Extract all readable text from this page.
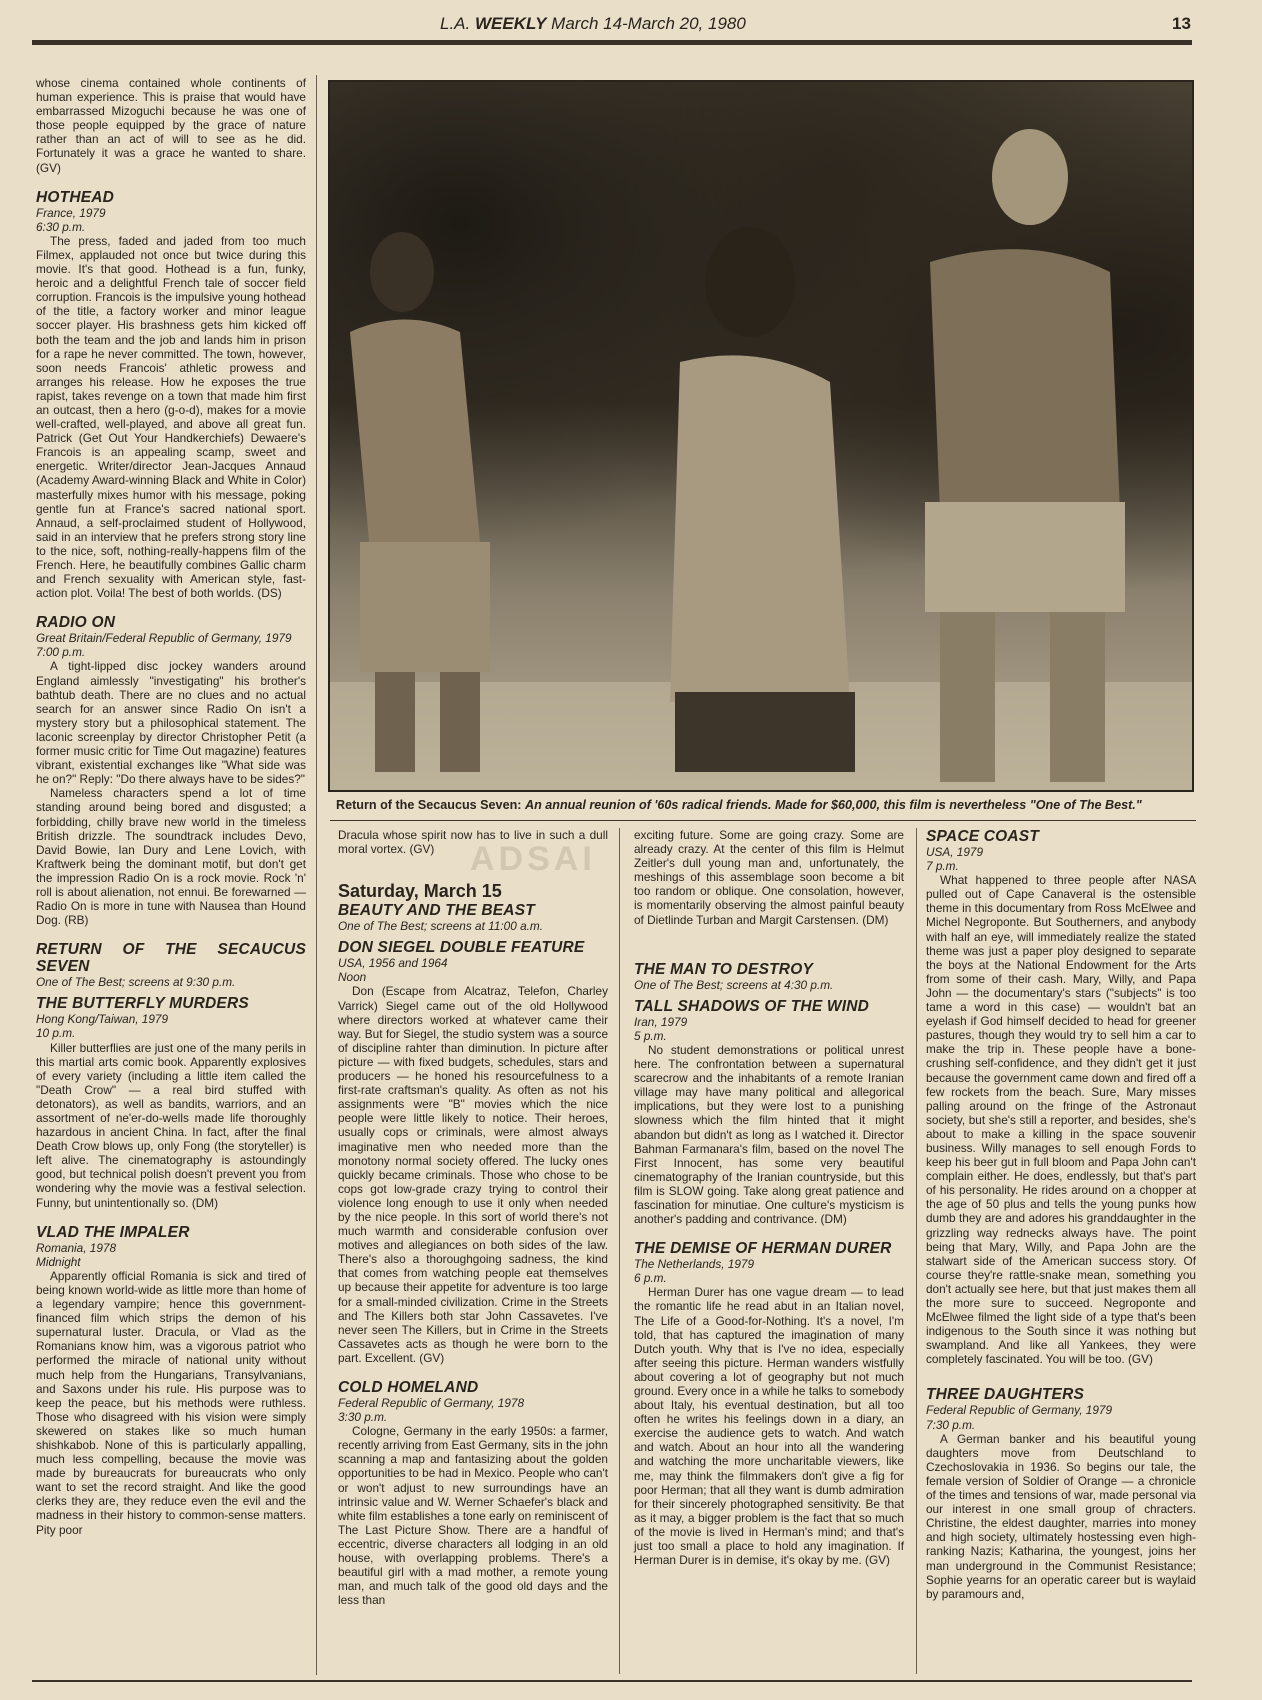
L.A. WEEKLY March 14-March 20, 1980	13

whose cinema contained whole continents of human experience. This is praise that would have embarrassed Mizoguchi because he was one of those people equipped by the grace of nature rather than an act of will to see as he did. Fortunately it was a grace he wanted to share. (GV)

HOTHEAD
France, 1979
6:30 p.m.

The press, faded and jaded from too much Filmex, applauded not once but twice during this movie. It's that good. Hothead is a fun, funky, heroic and a delightful French tale of soccer field corruption. Francois is the impulsive young hothead of the title, a factory worker and minor league soccer player. His brashness gets him kicked off both the team and the job and lands him in prison for a rape he never committed. The town, however, soon needs Francois' athletic prowess and arranges his release. How he exposes the true rapist, takes revenge on a town that made him first an outcast, then a hero (g-o-d), makes for a movie well-crafted, well-played, and above all great fun. Patrick (Get Out Your Handkerchiefs) Dewaere's Francois is an appealing scamp, sweet and energetic. Writer/director Jean-Jacques Annaud (Academy Award-winning Black and White in Color) masterfully mixes humor with his message, poking gentle fun at France's sacred national sport. Annaud, a self-proclaimed student of Hollywood, said in an interview that he prefers strong story line to the nice, soft, nothing-really-happens film of the French. Here, he beautifully combines Gallic charm and French sexuality with American style, fast-action plot. Voila! The best of both worlds. (DS)

RADIO ON
Great Britain/Federal Republic of Germany, 1979
7:00 p.m.

A tight-lipped disc jockey wanders around England aimlessly "investigating" his brother's bathtub death. There are no clues and no actual search for an answer since Radio On isn't a mystery story but a philosophical statement. The laconic screenplay by director Christopher Petit (a former music critic for Time Out magazine) features vibrant, existential exchanges like "What side was he on?" Reply: "Do there always have to be sides?"

Nameless characters spend a lot of time standing around being bored and disgusted; a forbidding, chilly brave new world in the timeless British drizzle. The soundtrack includes Devo, David Bowie, Ian Dury and Lene Lovich, with Kraftwerk being the dominant motif, but don't get the impression Radio On is a rock movie. Rock 'n' roll is about alienation, not ennui. Be forewarned — Radio On is more in tune with Nausea than Hound Dog. (RB)

RETURN OF THE SECAUCUS SEVEN
One of The Best; screens at 9:30 p.m.
THE BUTTERFLY MURDERS
Hong Kong/Taiwan, 1979
10 p.m.

Killer butterflies are just one of the many perils in this martial arts comic book. Apparently explosives of every variety (including a little item called the "Death Crow" — a real bird stuffed with detonators), as well as bandits, warriors, and an assortment of ne'er-do-wells made life thoroughly hazardous in ancient China. In fact, after the final Death Crow blows up, only Fong (the storyteller) is left alive. The cinematography is astoundingly good, but technical polish doesn't prevent you from wondering why the movie was a festival selection. Funny, but unintentionally so. (DM)

VLAD THE IMPALER
Romania, 1978
Midnight

Apparently official Romania is sick and tired of being known world-wide as little more than home of a legendary vampire; hence this government-financed film which strips the demon of his supernatural luster. Dracula, or Vlad as the Romanians know him, was a vigorous patriot who performed the miracle of national unity without much help from the Hungarians, Transylvanians, and Saxons under his rule. His purpose was to keep the peace, but his methods were ruthless. Those who disagreed with his vision were simply skewered on stakes like so much human shishkabob. None of this is particularly appalling, much less compelling, because the movie was made by bureaucrats for bureaucrats who only want to set the record straight. And like the good clerks they are, they reduce even the evil and the madness in their history to common-sense matters. Pity poor

Return of the Secaucus Seven: An annual reunion of '60s radical friends. Made for $60,000, this film is nevertheless "One of The Best."
ADSAI

Dracula whose spirit now has to live in such a dull moral vortex. (GV)

Saturday, March 15
BEAUTY AND THE BEAST
One of The Best; screens at 11:00 a.m.
DON SIEGEL DOUBLE FEATURE
USA, 1956 and 1964
Noon

Don (Escape from Alcatraz, Telefon, Charley Varrick) Siegel came out of the old Hollywood where directors worked at whatever came their way. But for Siegel, the studio system was a source of discipline rahter than diminution. In picture after picture — with fixed budgets, schedules, stars and producers — he honed his resourcefulness to a first-rate craftsman's quality. As often as not his assignments were "B" movies which the nice people were little likely to notice. Their heroes, usually cops or criminals, were almost always imaginative men who needed more than the monotony normal society offered. The lucky ones quickly became criminals. Those who chose to be cops got low-grade crazy trying to control their violence long enough to use it only when needed by the nice people. In this sort of world there's not much warmth and considerable confusion over motives and allegiances on both sides of the law. There's also a thoroughgoing sadness, the kind that comes from watching people eat themselves up because their appetite for adventure is too large for a small-minded civilization. Crime in the Streets and The Killers both star John Cassavetes. I've never seen The Killers, but in Crime in the Streets Cassavetes acts as though he were born to the part. Excellent. (GV)

COLD HOMELAND
Federal Republic of Germany, 1978
3:30 p.m.

Cologne, Germany in the early 1950s: a farmer, recently arriving from East Germany, sits in the john scanning a map and fantasizing about the golden opportunities to be had in Mexico. People who can't or won't adjust to new surroundings have an intrinsic value and W. Werner Schaefer's black and white film establishes a tone early on reminiscent of The Last Picture Show. There are a handful of eccentric, diverse characters all lodging in an old house, with overlapping problems. There's a beautiful girl with a mad mother, a remote young man, and much talk of the good old days and the less than

exciting future. Some are going crazy. Some are already crazy. At the center of this film is Helmut Zeitler's dull young man and, unfortunately, the meshings of this assemblage soon become a bit too random or oblique. One consolation, however, is momentarily observing the almost painful beauty of Dietlinde Turban and Margit Carstensen. (DM)

THE MAN TO DESTROY
One of The Best; screens at 4:30 p.m.
TALL SHADOWS OF THE WIND
Iran, 1979
5 p.m.

No student demonstrations or political unrest here. The confrontation between a supernatural scarecrow and the inhabitants of a remote Iranian village may have many political and allegorical implications, but they were lost to a punishing slowness which the film hinted that it might abandon but didn't as long as I watched it. Director Bahman Farmanara's film, based on the novel The First Innocent, has some very beautiful cinematography of the Iranian countryside, but this film is SLOW going. Take along great patience and fascination for minutiae. One culture's mysticism is another's padding and contrivance. (DM)

THE DEMISE OF HERMAN DURER
The Netherlands, 1979
6 p.m.

Herman Durer has one vague dream — to lead the romantic life he read abut in an Italian novel, The Life of a Good-for-Nothing. It's a novel, I'm told, that has captured the imagination of many Dutch youth. Why that is I've no idea, especially after seeing this picture. Herman wanders wistfully about covering a lot of geography but not much ground. Every once in a while he talks to somebody about Italy, his eventual destination, but all too often he writes his feelings down in a diary, an exercise the audience gets to watch. And watch and watch. About an hour into all the wandering and watching the more uncharitable viewers, like me, may think the filmmakers don't give a fig for poor Herman; that all they want is dumb admiration for their sincerely photographed sensitivity. Be that as it may, a bigger problem is the fact that so much of the movie is lived in Herman's mind; and that's just too small a place to hold any imagination. If Herman Durer is in demise, it's okay by me. (GV)

SPACE COAST
USA, 1979
7 p.m.

What happened to three people after NASA pulled out of Cape Canaveral is the ostensible theme in this documentary from Ross McElwee and Michel Negroponte. But Southerners, and anybody with half an eye, will immediately realize the stated theme was just a paper ploy designed to separate the boys at the National Endowment for the Arts from some of their cash. Mary, Willy, and Papa John — the documentary's stars ("subjects" is too tame a word in this case) — wouldn't bat an eyelash if God himself decided to head for greener pastures, though they would try to sell him a car to make the trip in. These people have a bone-crushing self-confidence, and they didn't get it just because the government came down and fired off a few rockets from the beach. Sure, Mary misses palling around on the fringe of the Astronaut society, but she's still a reporter, and besides, she's about to make a killing in the space souvenir business. Willy manages to sell enough Fords to keep his beer gut in full bloom and Papa John can't complain either. He does, endlessly, but that's part of his personality. He rides around on a chopper at the age of 50 plus and tells the young punks how dumb they are and adores his granddaughter in the grizzling way rednecks always have. The point being that Mary, Willy, and Papa John are the stalwart side of the American success story. Of course they're rattle-snake mean, something you don't actually see here, but that just makes them all the more sure to succeed. Negroponte and McElwee filmed the light side of a type that's been indigenous to the South since it was nothing but swampland. And like all Yankees, they were completely fascinated. You will be too. (GV)

THREE DAUGHTERS
Federal Republic of Germany, 1979
7:30 p.m.

A German banker and his beautiful young daughters move from Deutschland to Czechoslovakia in 1936. So begins our tale, the female version of Soldier of Orange — a chronicle of the times and tensions of war, made personal via our interest in one small group of chracters. Christine, the eldest daughter, marries into money and high society, ultimately hostessing even high-ranking Nazis; Katharina, the youngest, joins her man underground in the Communist Resistance; Sophie yearns for an operatic career but is waylaid by paramours and,
